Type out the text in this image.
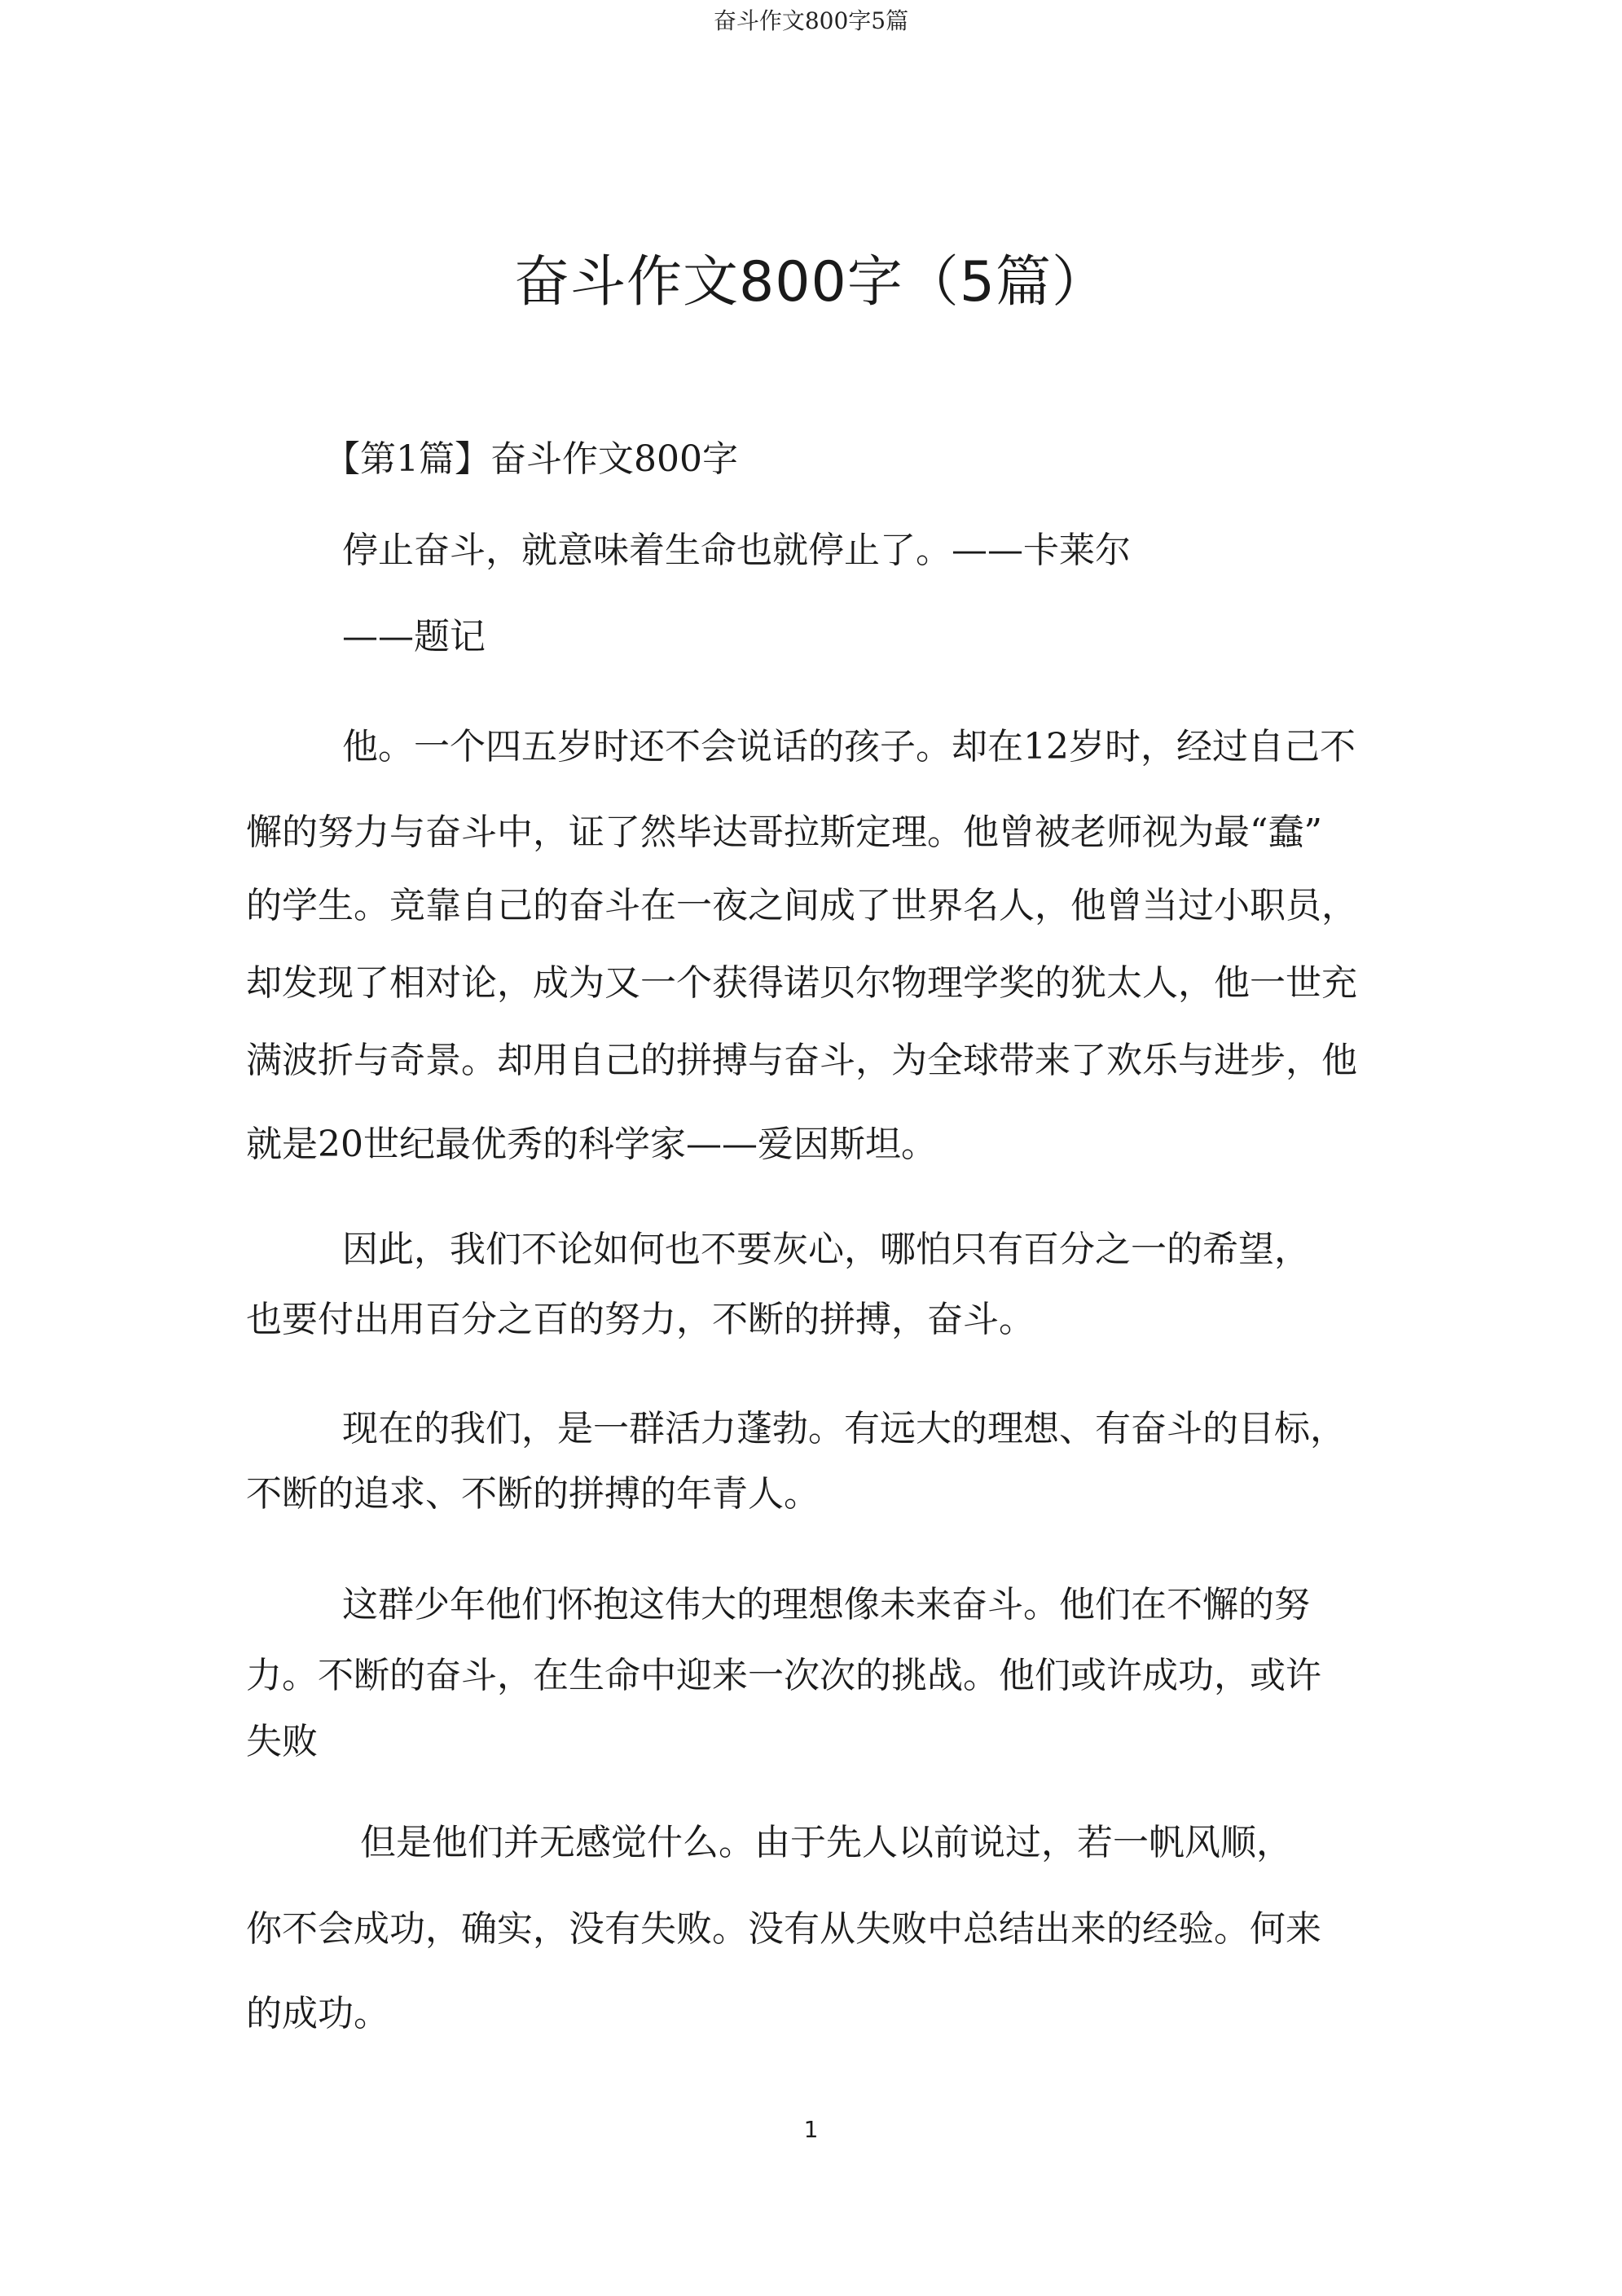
奋斗作文800字5篇
奋斗作文800字（5篇）
【第1篇】奋斗作文800字
停止奋斗，就意味着生命也就停止了。——卡莱尔
——题记
他。一个四五岁时还不会说话的孩子。却在12岁时，经过自己不
懈的努力与奋斗中，证了然毕达哥拉斯定理。他曾被老师视为最“蠢”
的学生。竞靠自己的奋斗在一夜之间成了世界名人，他曾当过小职员，
却发现了相对论，成为又一个获得诺贝尔物理学奖的犹太人，他一世充
满波折与奇景。却用自己的拼搏与奋斗，为全球带来了欢乐与进步，他
就是20世纪最优秀的科学家——爱因斯坦。
因此，我们不论如何也不要灰心，哪怕只有百分之一的希望，
也要付出用百分之百的努力，不断的拼搏，奋斗。
现在的我们，是一群活力蓬勃。有远大的理想、有奋斗的目标，
不断的追求、不断的拼搏的年青人。
这群少年他们怀抱这伟大的理想像未来奋斗。他们在不懈的努
力。不断的奋斗，在生命中迎来一次次的挑战。他们或许成功，或许
失败
但是他们并无感觉什么。由于先人以前说过，若一帆风顺，
你不会成功，确实，没有失败。没有从失败中总结出来的经验。何来
的成功。
1
